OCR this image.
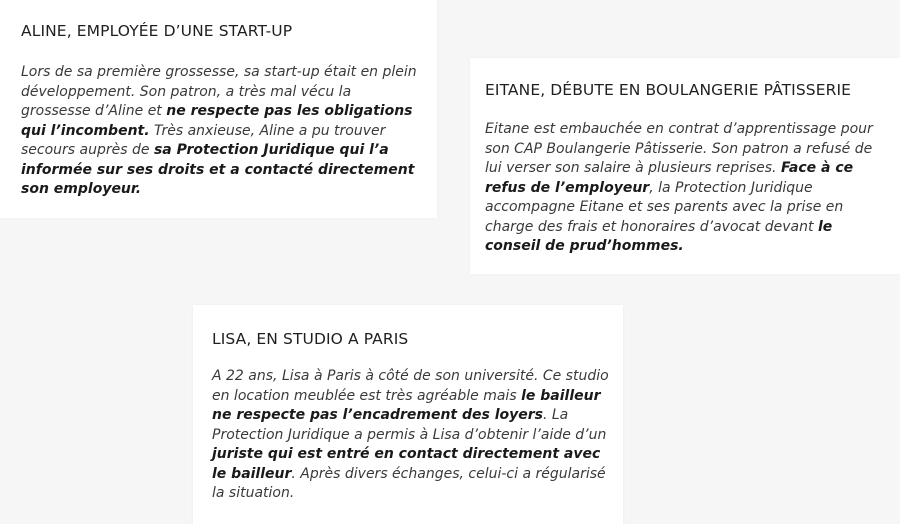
ALINE, EMPLOYÉE D’UNE START-UP

Lors de sa première grossesse, sa start-up était en plein développement. Son patron, a très mal vécu la grossesse d’Aline et ne respecte pas les obligations qui l’incombent. Très anxieuse, Aline a pu trouver secours auprès de sa Protection Juridique qui l’a informée sur ses droits et a contacté directement son employeur.

EITANE, DÉBUTE EN BOULANGERIE PÂTISSERIE

Eitane est embauchée en contrat d’apprentissage pour son CAP Boulangerie Pâtisserie. Son patron a refusé de lui verser son salaire à plusieurs reprises. Face à ce refus de l’employeur, la Protection Juridique accompagne Eitane et ses parents avec la prise en charge des frais et honoraires d’avocat devant le conseil de prud’hommes.

LISA, EN STUDIO A PARIS

A 22 ans, Lisa à Paris à côté de son université. Ce studio en location meublée est très agréable mais le bailleur ne respecte pas l’encadrement des loyers. La Protection Juridique a permis à Lisa d’obtenir l’aide d’un juriste qui est entré en contact directement avec le bailleur. Après divers échanges, celui-ci a régularisé la situation.
